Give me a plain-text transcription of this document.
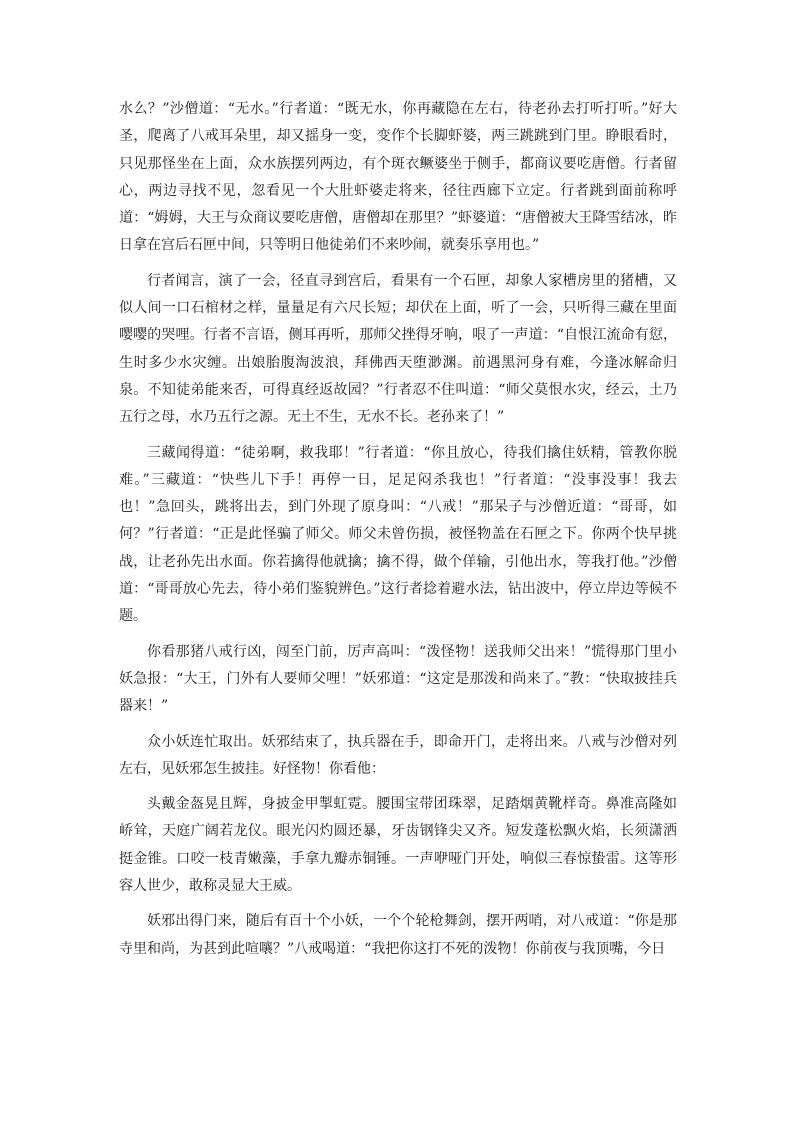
水么？”沙僧道：“无水。”行者道：“既无水，你再藏隐在左右，待老孙去打听打听。”好大圣，爬离了八戒耳朵里，却又摇身一变，变作个长脚虾婆，两三跳跳到门里。睁眼看时，只见那怪坐在上面，众水族摆列两边，有个斑衣鳜婆坐于侧手，都商议要吃唐僧。行者留心，两边寻找不见，忽看见一个大肚虾婆走将来，径往西廊下立定。行者跳到面前称呼道：“姆姆，大王与众商议要吃唐僧，唐僧却在那里？”虾婆道：“唐僧被大王降雪结冰，昨日拿在宫后石匣中间，只等明日他徒弟们不来吵闹，就奏乐享用也。”

行者闻言，演了一会，径直寻到宫后，看果有一个石匣，却象人家槽房里的猪槽，又似人间一口石棺材之样，量量足有六尺长短；却伏在上面，听了一会，只听得三藏在里面嘤嘤的哭哩。行者不言语，侧耳再听，那师父挫得牙响，哏了一声道：“自恨江流命有愆，生时多少水灾缠。出娘胎腹淘波浪，拜佛西天堕渺渊。前遇黑河身有难，今逢冰解命归泉。不知徒弟能来否，可得真经返故园？”行者忍不住叫道：“师父莫恨水灾，经云，土乃五行之母，水乃五行之源。无土不生，无水不长。老孙来了！”

三藏闻得道：“徒弟啊，救我耶！”行者道：“你且放心，待我们擒住妖精，管教你脱难。”三藏道：“快些儿下手！再停一日，足足闷杀我也！”行者道：“没事没事！我去也！”急回头，跳将出去，到门外现了原身叫：“八戒！”那呆子与沙僧近道：“哥哥，如何？”行者道：“正是此怪骗了师父。师父未曾伤损，被怪物盖在石匣之下。你两个快早挑战，让老孙先出水面。你若擒得他就擒；擒不得，做个佯输，引他出水，等我打他。”沙僧道：“哥哥放心先去，待小弟们鉴貌辨色。”这行者捻着避水法，钻出波中，停立岸边等候不题。

你看那猪八戒行凶，闯至门前，厉声高叫：“泼怪物！送我师父出来！”慌得那门里小妖急报：“大王，门外有人要师父哩！”妖邪道：“这定是那泼和尚来了。”教：“快取披挂兵器来！”

众小妖连忙取出。妖邪结束了，执兵器在手，即命开门，走将出来。八戒与沙僧对列左右，见妖邪怎生披挂。好怪物！你看他：

头戴金盔晃且辉，身披金甲掣虹霓。腰围宝带团珠翠，足踏烟黄靴样奇。鼻准高隆如峤耸，天庭广阔若龙仪。眼光闪灼圆还暴，牙齿钢锋尖又齐。短发蓬松飘火焰，长须潇洒挺金锥。口咬一枝青嫩藻，手拿九瓣赤铜锤。一声咿哑门开处，响似三春惊蛰雷。这等形容人世少，敢称灵显大王威。

妖邪出得门来，随后有百十个小妖，一个个轮枪舞剑，摆开两哨，对八戒道：“你是那寺里和尚，为甚到此喧嚷？”八戒喝道：“我把你这打不死的泼物！你前夜与我顶嘴，今日
